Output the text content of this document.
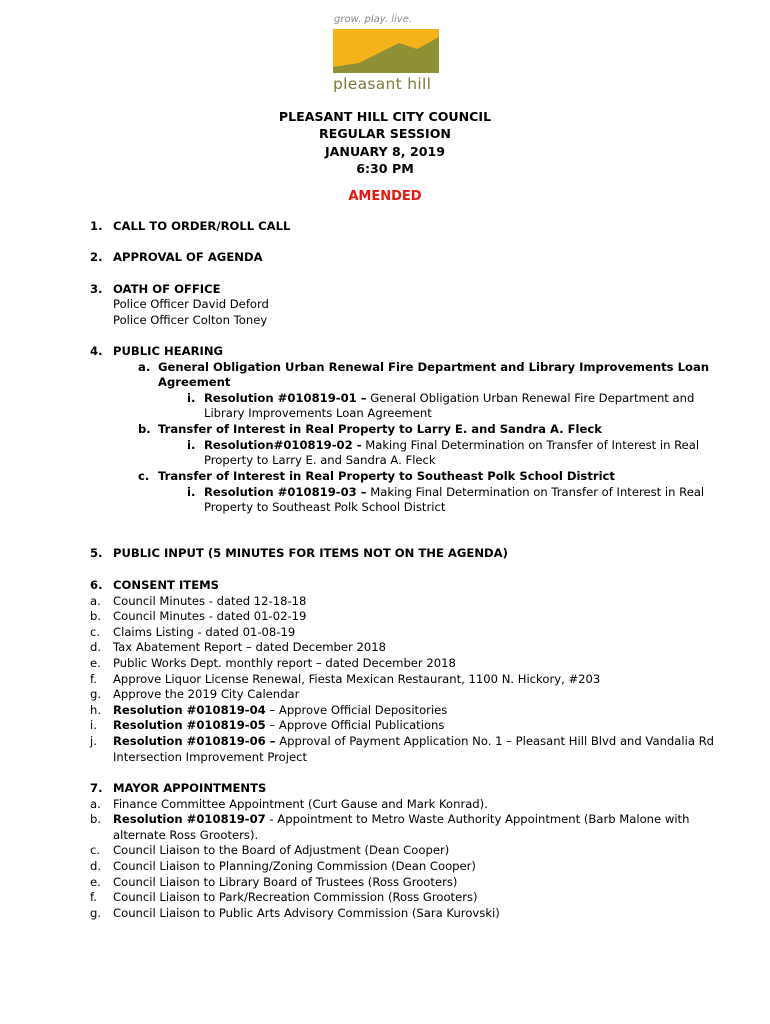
grow. play. live.
pleasant hill
PLEASANT HILL CITY COUNCIL
REGULAR SESSION
JANUARY 8, 2019
6:30 PM
AMENDED
1. CALL TO ORDER/ROLL CALL
2. APPROVAL OF AGENDA
3. OATH OF OFFICE
Police Officer David Deford
Police Officer Colton Toney
4. PUBLIC HEARING
a. General Obligation Urban Renewal Fire Department and Library Improvements Loan
Agreement
i. Resolution #010819-01 – General Obligation Urban Renewal Fire Department and
Library Improvements Loan Agreement
b. Transfer of Interest in Real Property to Larry E. and Sandra A. Fleck
i. Resolution#010819-02 - Making Final Determination on Transfer of Interest in Real
Property to Larry E. and Sandra A. Fleck
c. Transfer of Interest in Real Property to Southeast Polk School District
i. Resolution #010819-03 – Making Final Determination on Transfer of Interest in Real
Property to Southeast Polk School District
5. PUBLIC INPUT (5 MINUTES FOR ITEMS NOT ON THE AGENDA)
6. CONSENT ITEMS
a. Council Minutes - dated 12-18-18
b. Council Minutes - dated 01-02-19
c. Claims Listing - dated 01-08-19
d. Tax Abatement Report – dated December 2018
e. Public Works Dept. monthly report – dated December 2018
f. Approve Liquor License Renewal, Fiesta Mexican Restaurant, 1100 N. Hickory, #203
g. Approve the 2019 City Calendar
h. Resolution #010819-04 – Approve Official Depositories
i. Resolution #010819-05 – Approve Official Publications
j. Resolution #010819-06 – Approval of Payment Application No. 1 – Pleasant Hill Blvd and Vandalia Rd
Intersection Improvement Project
7. MAYOR APPOINTMENTS
a. Finance Committee Appointment (Curt Gause and Mark Konrad).
b. Resolution #010819-07 - Appointment to Metro Waste Authority Appointment (Barb Malone with
alternate Ross Grooters).
c. Council Liaison to the Board of Adjustment (Dean Cooper)
d. Council Liaison to Planning/Zoning Commission (Dean Cooper)
e. Council Liaison to Library Board of Trustees (Ross Grooters)
f. Council Liaison to Park/Recreation Commission (Ross Grooters)
g. Council Liaison to Public Arts Advisory Commission (Sara Kurovski)
